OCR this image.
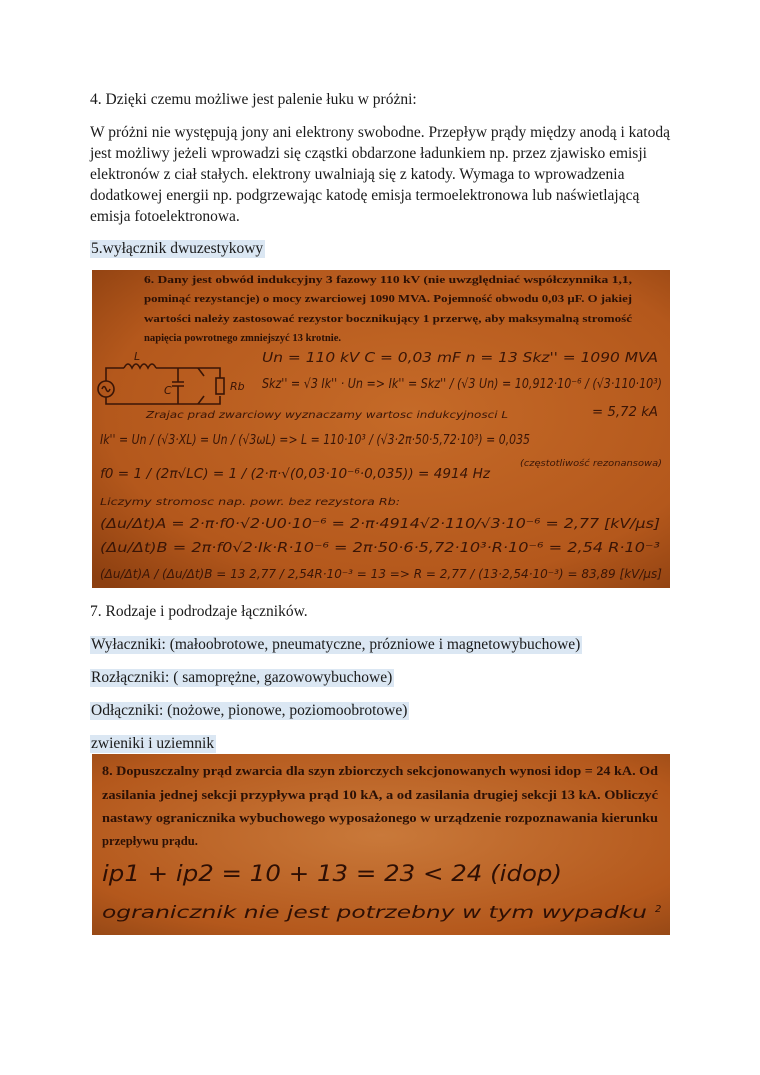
4. Dzięki czemu możliwe jest palenie łuku w próżni:

W próżni nie występują jony ani elektrony swobodne. Przepływ prądy między anodą i katodą

jest możliwy jeżeli wprowadzi się cząstki obdarzone ładunkiem np. przez zjawisko emisji

elektronów z ciał stałych. elektrony uwalniają się z katody. Wymaga to wprowadzenia

dodatkowej energii np. podgrzewając katodę emisja termoelektronowa lub naświetlającą

emisja fotoelektronowa.

5.wyłącznik dwuzestykowy

6. Dany jest obwód indukcyjny 3 fazowy 110 kV (nie uwzględniać współczynnika 1,1,
pominąć rezystancje) o mocy zwarciowej 1090 MVA. Pojemność obwodu 0,03 µF. O jakiej
wartości należy zastosować rezystor bocznikujący 1 przerwę, aby maksymalną stromość
napięcia powrotnego zmniejszyć 13 krotnie.
L
C	Rb
Un = 110 kV C = 0,03 mF n = 13 Skz'' = 1090 MVA
Skz'' = √3 Ik'' · Un => Ik'' = Skz'' / (√3 Un) = 10,912·10⁻⁶ / (√3·110·10³)
= 5,72 kA
Zrajac prad zwarciowy wyznaczamy wartosc indukcyjnosci L
Ik'' = Un / (√3·XL) = Un / (√3ωL) => L = 110·10³ / (√3·2π·50·5,72·10³) = 0,035
f0 = 1 / (2π√LC) = 1 / (2·π·√(0,03·10⁻⁶·0,035)) = 4914 Hz
(częstotliwość rezonansowa)
Liczymy stromosc nap. powr. bez rezystora Rb:
(Δu/Δt)A = 2·π·f0·√2·U0·10⁻⁶ = 2·π·4914√2·110/√3·10⁻⁶ = 2,77 [kV/µs]
(Δu/Δt)B = 2π·f0√2·Ik·R·10⁻⁶ = 2π·50·6·5,72·10³·R·10⁻⁶ = 2,54 R·10⁻³
(Δu/Δt)A / (Δu/Δt)B = 13 2,77 / 2,54R·10⁻³ = 13 => R = 2,77 / (13·2,54·10⁻³) = 83,89 [kV/µs]

7. Rodzaje i podrodzaje łączników.

Wyłaczniki: (małoobrotowe, pneumatyczne, prózniowe i magnetowybuchowe)

Rozłączniki: ( samoprężne, gazowowybuchowe)

Odłączniki: (nożowe, pionowe, poziomoobrotowe)

zwieniki i uziemnik

8. Dopuszczalny prąd zwarcia dla szyn zbiorczych sekcjonowanych wynosi idop = 24 kA. Od
zasilania jednej sekcji przypływa prąd 10 kA, a od zasilania drugiej sekcji 13 kA. Obliczyć
nastawy ogranicznika wybuchowego wyposażonego w urządzenie rozpoznawania kierunku
przepływu prądu.
ip1 + ip2 = 10 + 13 = 23 < 24 (idop)
ogranicznik nie jest potrzebny w tym wypadku 2
